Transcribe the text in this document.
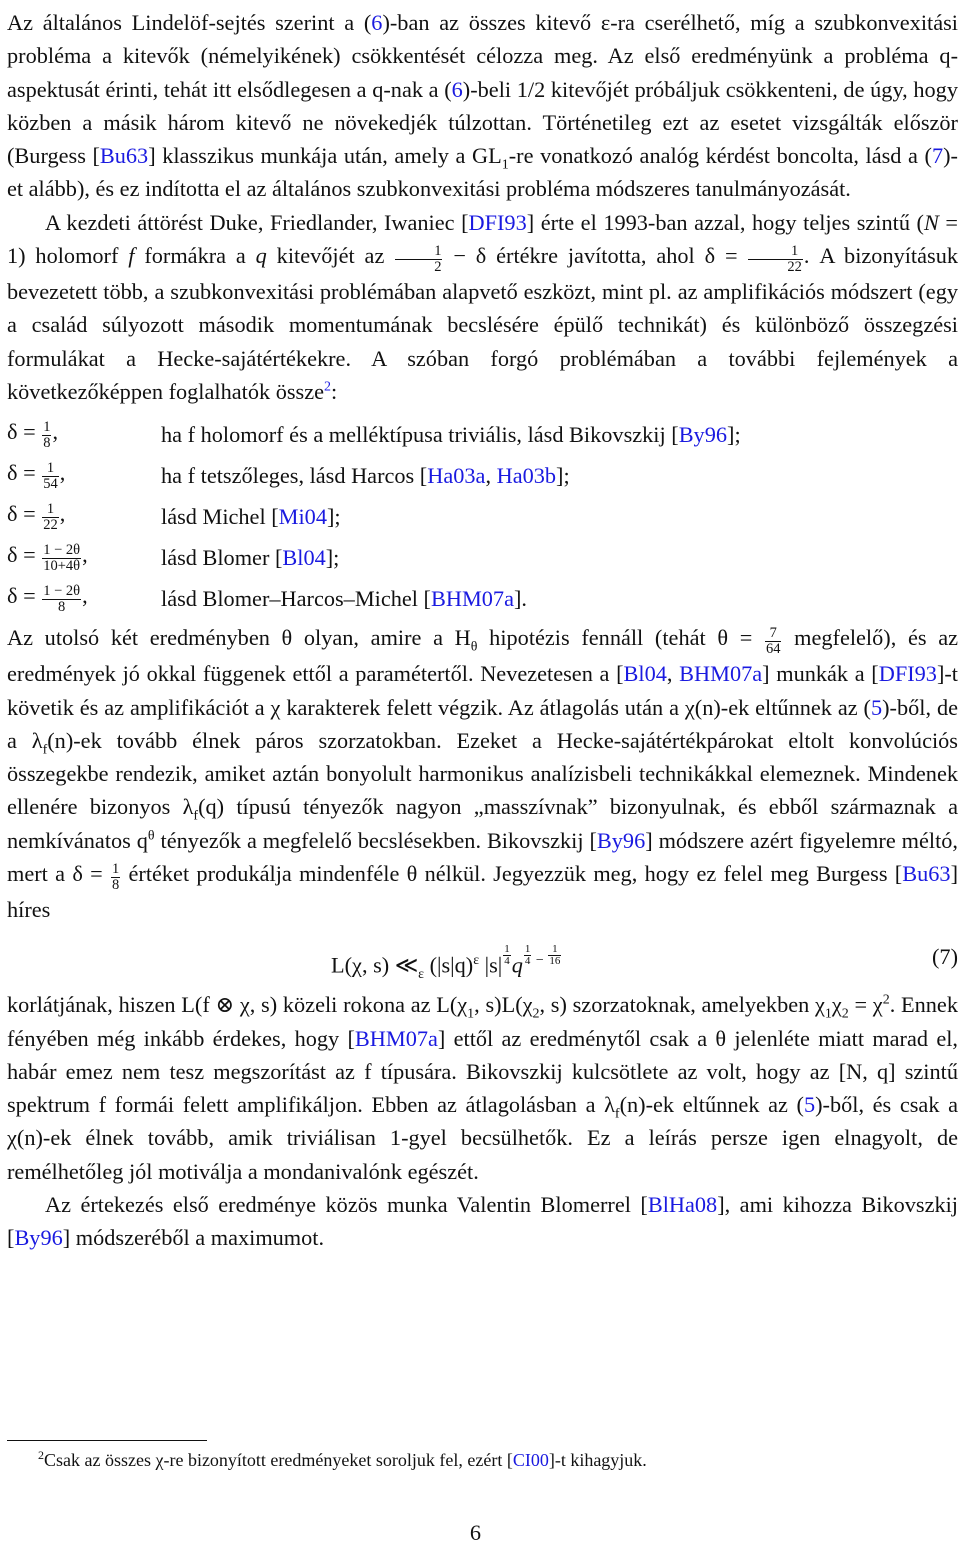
Az általános Lindelöf-sejtés szerint a (6)-ban az összes kitevő ε-ra cserélhető, míg a szubkonvexitási probléma a kitevők (némelyikének) csökkentését célozza meg. Az első eredményünk a probléma q-aspektusát érinti, tehát itt elsődlegesen a q-nak a (6)-beli 1/2 kitevőjét próbáljuk csökkenteni, de úgy, hogy közben a másik három kitevő ne növekedjék túlzottan. Történetileg ezt az esetet vizsgálták először (Burgess [Bu63] klasszikus munkája után, amely a $GL_1-re$ vonatkozó analóg kérdést boncolta, lásd a (7)-et alább), és ez indította el az általános szubkonvexitási probléma módszeres tanulmányozását.

A kezdeti áttörést Duke, Friedlander, Iwaniec [DFI93] érte el 1993-ban azzal, hogy teljes szintű (N = 1) holomorf f formákra a q kitevőjét az $\frac{1}{2} - \delta$ értékre javította, ahol $\delta = \frac{1}{22}$ . A bizonyításuk bevezetett több, a szubkonvexitási problémában alapvető eszközt, mint pl. az amplifikációs módszert (egy a család súlyozott második momentumának becslésére épülő technikát) és különböző összegzési formulákat a Hecke-sajátértékekre. A szóban forgó problémában a további fejlemények a következőképpen foglalhatók össze$^2$:

$\delta = \frac{1}{8}$ ,	ha f holomorf és a melléktípusa triviális, lásd Bikovszkij [By96];
$\delta = \frac{1}{54}$ ,	ha f tetszőleges, lásd Harcos [Ha03a, Ha03b];
$\delta = \frac{1}{22}$ ,	lásd Michel [Mi04];
$\delta = \frac{1 - 2\theta}{10+4\theta}$ ,	lásd Blomer [Bl04];
$\delta = \frac{1 - 2\theta}{8}$ ,	lásd Blomer–Harcos–Michel [BHM07a].

Az utolsó két eredményben θ olyan, amire a $H_\theta$ hipotézis fennáll (tehát $\theta = \frac{7}{64}$ megfelelő), és az eredmények jó okkal függenek ettől a paramétertől. Nevezetesen a [Bl04, BHM07a] munkák a [DFI93]-t követik és az amplifikációt a χ karakterek felett végzik. Az átlagolás után a χ(n)-ek eltűnnek az (5)-ből, de a $\lambda_f(n)-ek$ tovább élnek páros szorzatokban. Ezeket a Hecke-sajátértékpárokat eltolt konvolúciós összegekbe rendezik, amiket aztán bonyolult harmonikus analízisbeli technikákkal elemeznek. Mindenek ellenére bizonyos $\lambda_f(q)$ típusú tényezők nagyon „masszívnak” bizonyulnak, és ebből származnak a nemkívánatos $q^\theta$ tényezők a megfelelő becslésekben. Bikovszkij [By96] módszere azért figyelemre méltó, mert a $\delta = \frac{1}{8}$ értéket produkálja mindenféle θ nélkül. Jegyezzük meg, hogy ez felel meg Burgess [Bu63] híres

L(χ, s) $≪_\varepsilon$ $(|s|q)^\varepsilon$ |s| $^{\frac{1}{4}}$ q $^{\frac{1}{4} - \frac{1}{16}}$	(7)

korlátjának, hiszen L(f ⊗ χ, s) közeli rokona az $L(\chi_1$, $s)L(\chi_2$, s) szorzatoknak, amelyekben $\chi_1\chi_2 = \chi^2$. Ennek fényében még inkább érdekes, hogy [BHM07a] ettől az eredménytől csak a θ jelenléte miatt marad el, habár emez nem tesz megszorítást az f típusára. Bikovszkij kulcsötlete az volt, hogy az [N, q] szintű spektrum f formái felett amplifikáljon. Ebben az átlagolásban a $\lambda_f(n)-ek$ eltűnnek az (5)-ből, és csak a χ(n)-ek élnek tovább, amik triviálisan 1-gyel becsülhetők. Ez a leírás persze igen elnagyolt, de remélhetőleg jól motiválja a mondanivalónk egészét.

Az értekezés első eredménye közös munka Valentin Blomerrel [BlHa08], ami kihozza Bikovszkij [By96] módszeréből a maximumot.

$^2$Csak az összes χ-re bizonyított eredményeket soroljuk fel, ezért [CI00]-t kihagyjuk.
6
